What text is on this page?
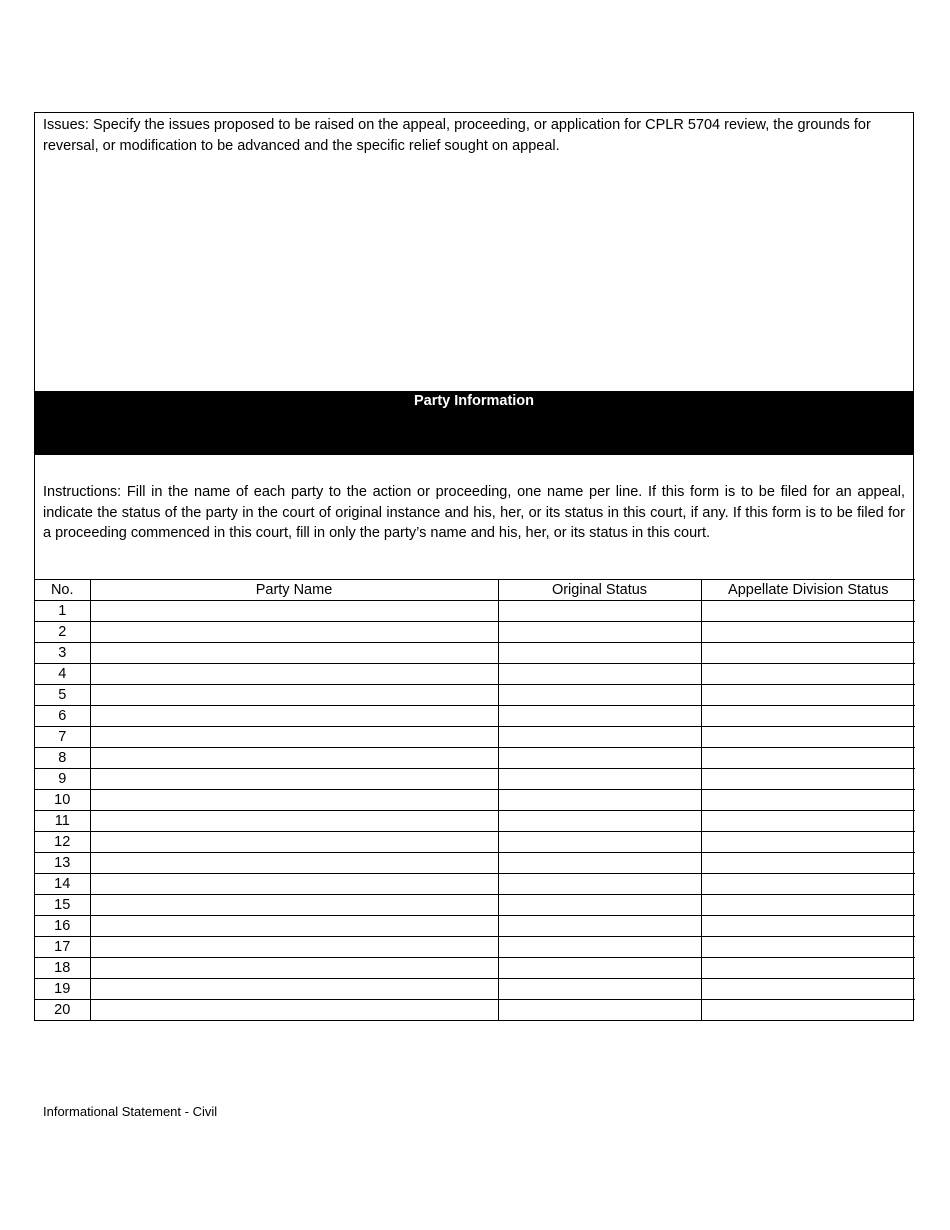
Issues: Specify the issues proposed to be raised on the appeal, proceeding, or application for CPLR 5704 review, the grounds for reversal, or modification to be advanced and the specific relief sought on appeal.
Party Information
Instructions: Fill in the name of each party to the action or proceeding, one name per line. If this form is to be filed for an appeal, indicate the status of the party in the court of original instance and his, her, or its status in this court, if any. If this form is to be filed for a proceeding commenced in this court, fill in only the party’s name and his, her, or its status in this court.
No.	Party Name	Original Status	Appellate Division Status
1			
2			
3			
4			
5			
6			
7			
8			
9			
10			
11			
12			
13			
14			
15			
16			
17			
18			
19			
20			
Informational Statement - Civil
